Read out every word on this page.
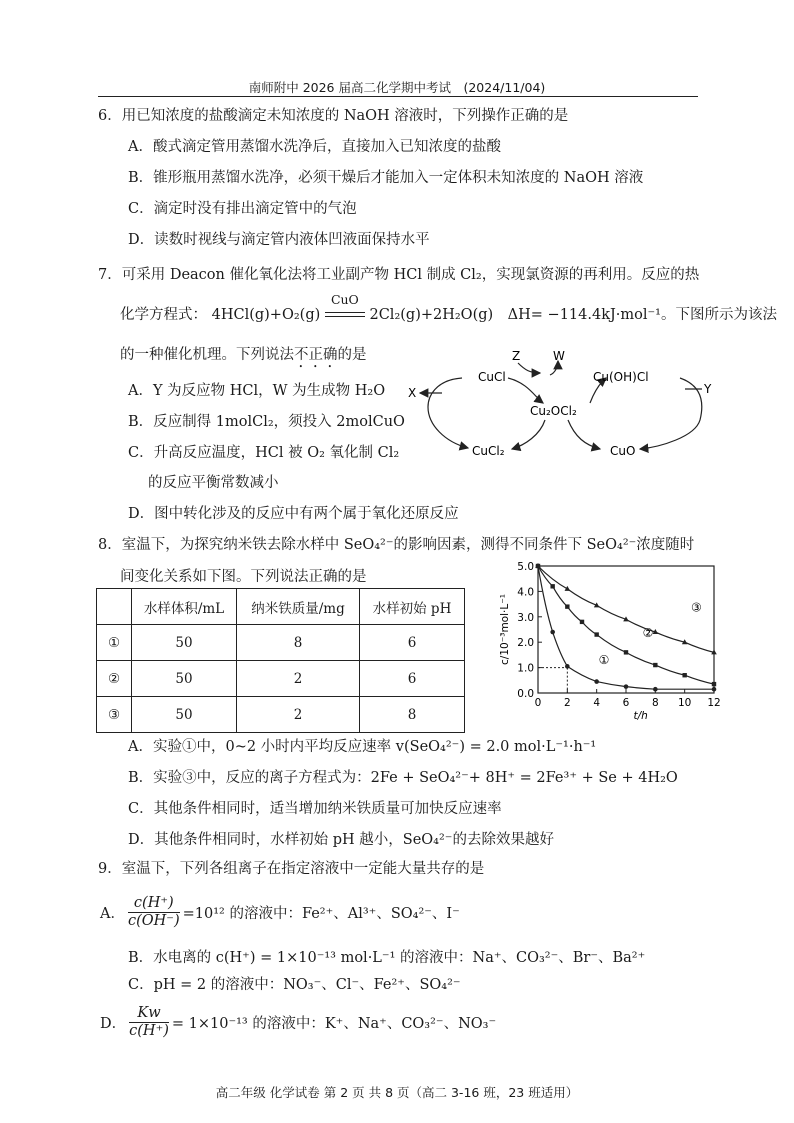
南师附中 2026 届高二化学期中考试　(2024/11/04)
6．用已知浓度的盐酸滴定未知浓度的 NaOH 溶液时，下列操作正确的是
A．酸式滴定管用蒸馏水洗净后，直接加入已知浓度的盐酸
B．锥形瓶用蒸馏水洗净，必须干燥后才能加入一定体积未知浓度的 NaOH 溶液
C．滴定时没有排出滴定管中的气泡
D．读数时视线与滴定管内液体凹液面保持水平
7．可采用 Deacon 催化氧化法将工业副产物 HCl 制成 Cl₂，实现氯资源的再利用。反应的热
化学方程式： 4HCl(g)+O₂(g)
CuO
2Cl₂(g)+2H₂O(g)　ΔH= −114.4kJ·mol⁻¹。下图所示为该法
的一种催化机理。下列说法不正确的是
A．Y 为反应物 HCl，W 为生成物 H₂O
B．反应制得 1molCl₂，须投入 2molCuO
C．升高反应温度，HCl 被 O₂ 氧化制 Cl₂
的反应平衡常数减小
D．图中转化涉及的反应中有两个属于氧化还原反应
CuCl	Cu(OH)Cl
Cu₂OCl₂
CuCl₂	CuO
Z	W
X	Y
8．室温下，为探究纳米铁去除水样中 SeO₄²⁻的影响因素，测得不同条件下 SeO₄²⁻浓度随时
间变化关系如下图。下列说法正确的是
	水样体积/mL	纳米铁质量/mg	水样初始 pH
①	50	8	6
②	50	2	6
③	50	2	8
0.0
1.0
2.0
3.0
4.0
5.0
0 2 4 6 8 10 12
t/h
c/10⁻³mol·L⁻¹	①
②
③
A．实验①中，0~2 小时内平均反应速率 v(SeO₄²⁻) = 2.0 mol·L⁻¹·h⁻¹
B．实验③中，反应的离子方程式为：2Fe + SeO₄²⁻+ 8H⁺ = 2Fe³⁺ + Se + 4H₂O
C．其他条件相同时，适当增加纳米铁质量可加快反应速率
D．其他条件相同时，水样初始 pH 越小，SeO₄²⁻的去除效果越好
9．室温下，下列各组离子在指定溶液中一定能大量共存的是
A． $\frac{c(H^+)}{c(OH^-)} =10^{12}$ 的溶液中：Fe²⁺、Al³⁺、SO₄²⁻、I⁻
B．水电离的 c(H⁺) = 1×10⁻¹³ mol·L⁻¹ 的溶液中：Na⁺、CO₃²⁻、Br⁻、Ba²⁺
C．pH = 2 的溶液中：NO₃⁻、Cl⁻、Fe²⁺、SO₄²⁻
D． $\frac{Kw}{c(H^+)} = 1\times 10^{-13}$ 的溶液中：K⁺、Na⁺、CO₃²⁻、NO₃⁻
高二年级 化学试卷 第 2 页 共 8 页（高二 3-16 班，23 班适用）
